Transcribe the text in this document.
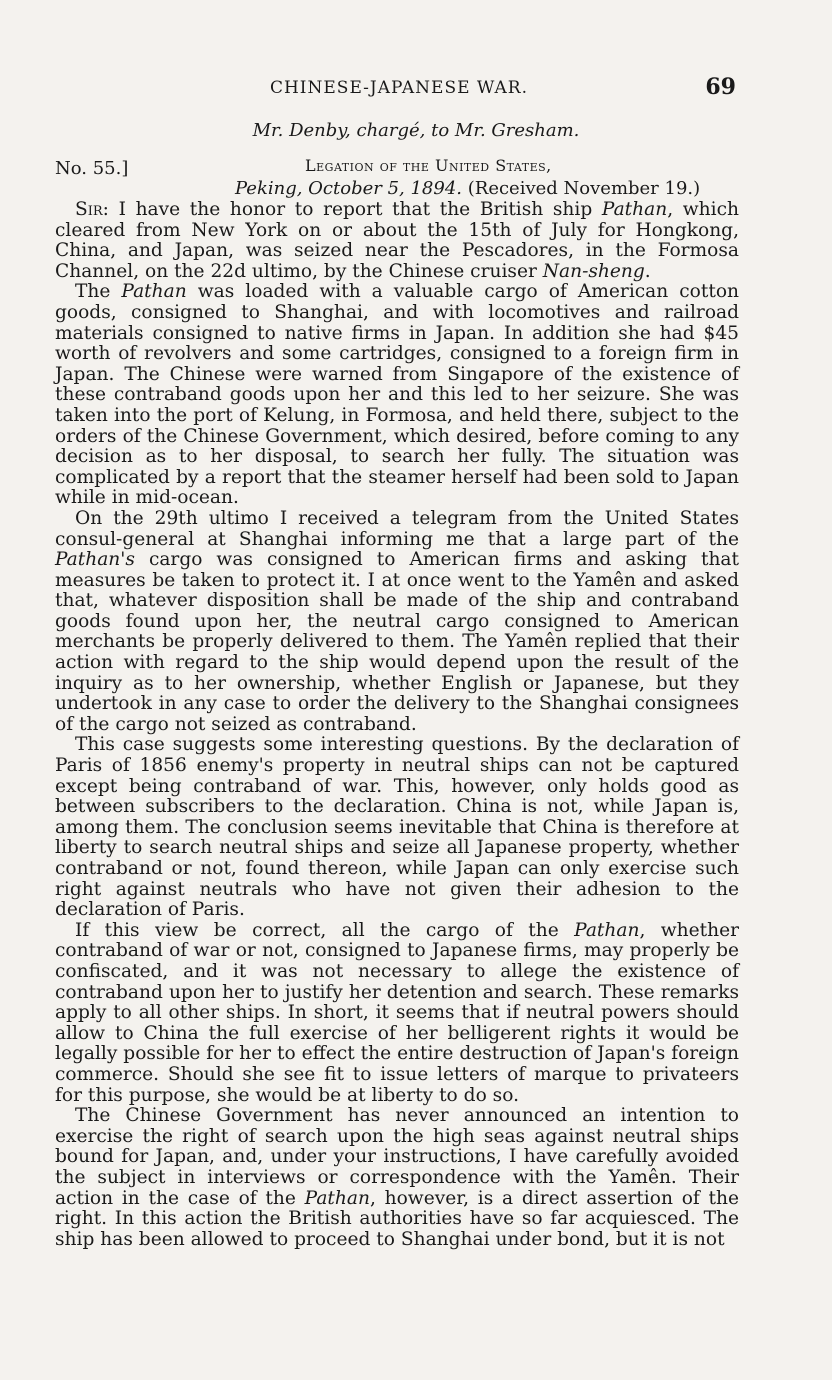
CHINESE-JAPANESE WAR.	69
Mr. Denby, chargé, to Mr. Gresham.
No. 55.]	Legation of the United States,
Peking, October 5, 1894. (Received November 19.)

Sir: I have the honor to report that the British ship Pathan, which cleared from New York on or about the 15th of July for Hongkong, China, and Japan, was seized near the Pescadores, in the Formosa Channel, on the 22d ultimo, by the Chinese cruiser Nan-sheng.

The Pathan was loaded with a valuable cargo of American cotton goods, consigned to Shanghai, and with locomotives and railroad materials consigned to native firms in Japan. In addition she had $45 worth of revolvers and some cartridges, consigned to a foreign firm in Japan. The Chinese were warned from Singapore of the existence of these contraband goods upon her and this led to her seizure. She was taken into the port of Kelung, in Formosa, and held there, subject to the orders of the Chinese Government, which desired, before coming to any decision as to her disposal, to search her fully. The situation was complicated by a report that the steamer herself had been sold to Japan while in mid-ocean.

On the 29th ultimo I received a telegram from the United States consul-general at Shanghai informing me that a large part of the Pathan's cargo was consigned to American firms and asking that measures be taken to protect it. I at once went to the Yamên and asked that, whatever disposition shall be made of the ship and contraband goods found upon her, the neutral cargo consigned to American merchants be properly delivered to them. The Yamên replied that their action with regard to the ship would depend upon the result of the inquiry as to her ownership, whether English or Japanese, but they undertook in any case to order the delivery to the Shanghai consignees of the cargo not seized as contraband.

This case suggests some interesting questions. By the declaration of Paris of 1856 enemy's property in neutral ships can not be captured except being contraband of war. This, however, only holds good as between subscribers to the declaration. China is not, while Japan is, among them. The conclusion seems inevitable that China is therefore at liberty to search neutral ships and seize all Japanese property, whether contraband or not, found thereon, while Japan can only exercise such right against neutrals who have not given their adhesion to the declaration of Paris.

If this view be correct, all the cargo of the Pathan, whether contraband of war or not, consigned to Japanese firms, may properly be confiscated, and it was not necessary to allege the existence of contraband upon her to justify her detention and search. These remarks apply to all other ships. In short, it seems that if neutral powers should allow to China the full exercise of her belligerent rights it would be legally possible for her to effect the entire destruction of Japan's foreign commerce. Should she see fit to issue letters of marque to privateers for this purpose, she would be at liberty to do so.

The Chinese Government has never announced an intention to exercise the right of search upon the high seas against neutral ships bound for Japan, and, under your instructions, I have carefully avoided the subject in interviews or correspondence with the Yamên. Their action in the case of the Pathan, however, is a direct assertion of the right. In this action the British authorities have so far acquiesced. The ship has been allowed to proceed to Shanghai under bond, but it is not
